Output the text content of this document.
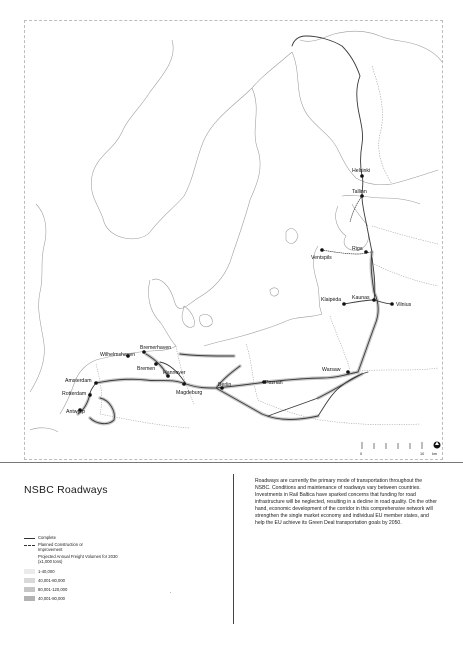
Helsinki
Tallinn
Riga
Ventspils
Kaunas
Vilnius
Klaipėda
Warsaw
Poznan
Berlin
Magdeburg
Hannover
Bremen
Bremerhaven
Wilhelmshaven
Amsterdam
Rotterdam
Antwerp
0	10 km
NSBC Roadways
Roadways are currently the primary mode of transportation throughout the NSBC. Conditions and maintenance of roadways vary between countries. Investments in Rail Baltica have sparked concerns that funding for road infrastructure will be neglected, resulting in a decline in road quality. On the other hand, economic development of the corridor in this comprehensive network will strengthen the single market economy and individual EU member states, and help the EU achieve its Green Deal transportation goals by 2050.
Complete
Planned Construction or Improvement
Projected Annual Freight Volumes for 2030 (x1,000 tons)
1-40,000
40,001-80,000
80,001-120,000
40,001-80,000
